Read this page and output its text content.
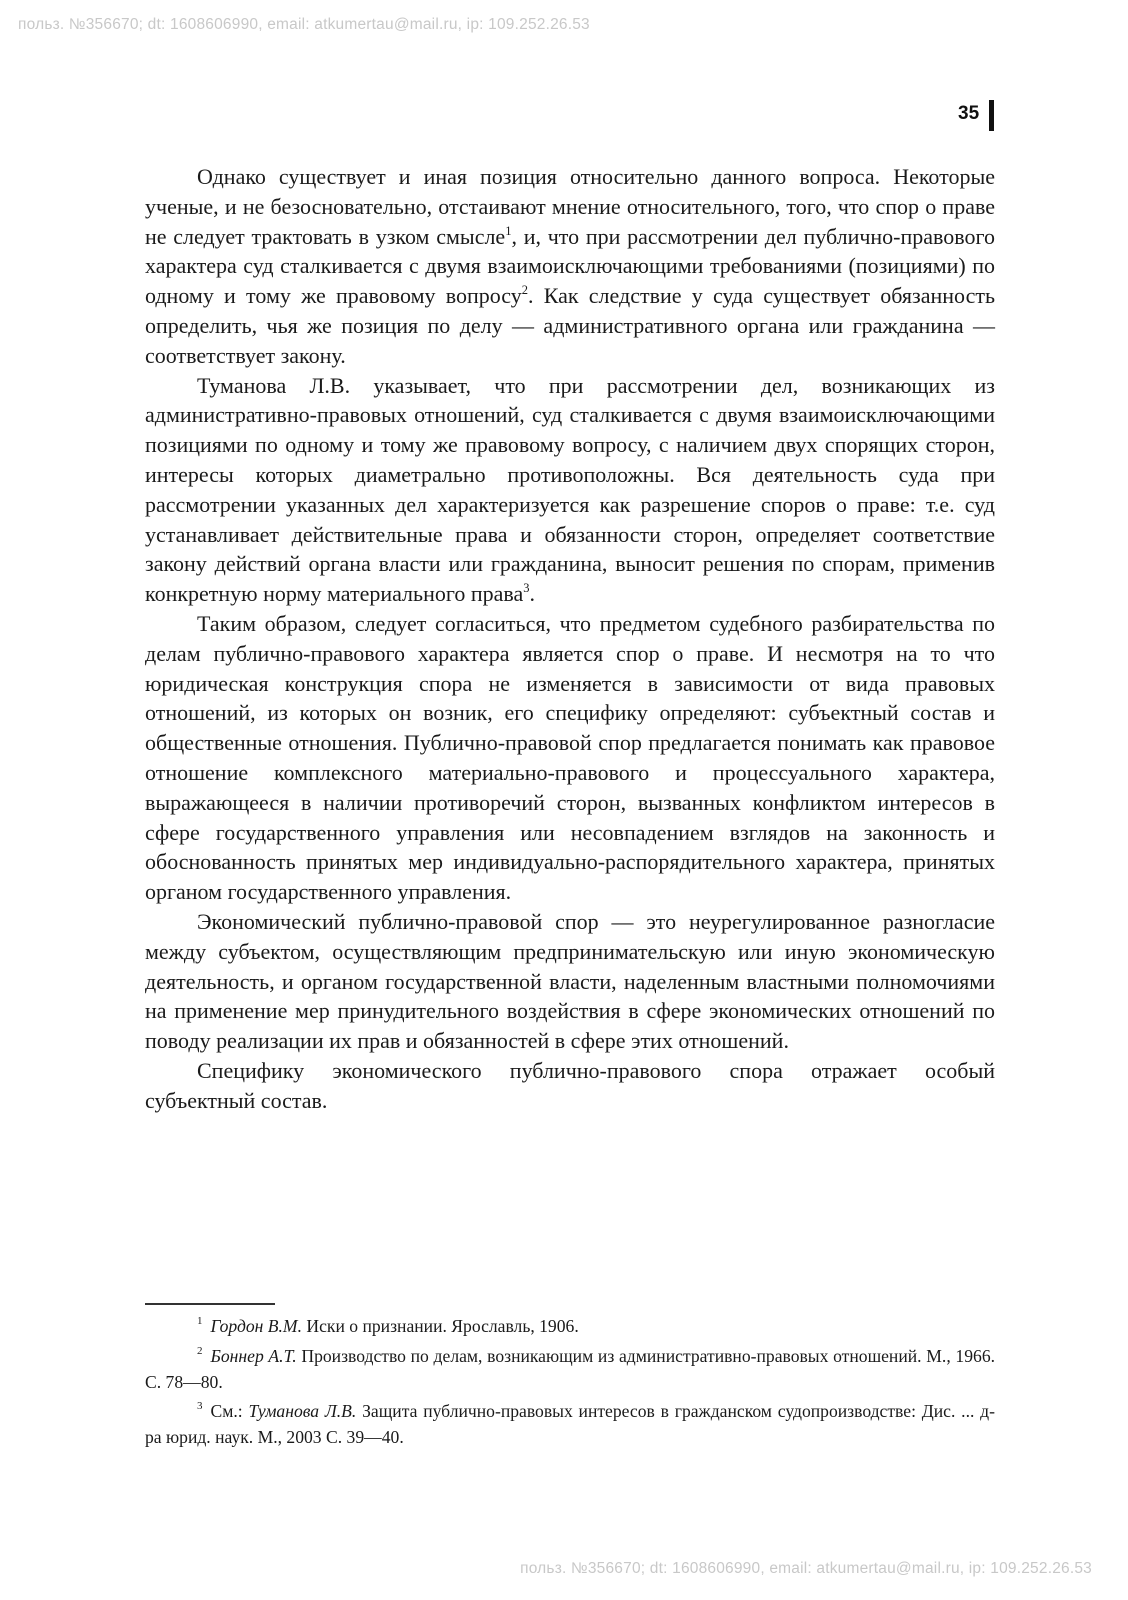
польз. №356670; dt: 1608606990, email: atkumertau@mail.ru, ip: 109.252.26.53
35

Однако существует и иная позиция относительно данного вопроса. Некоторые ученые, и не безосновательно, отстаивают мнение относительного, того, что спор о праве не следует трактовать в узком смысле$^1$, и, что при рассмотрении дел публично-правового характера суд сталкивается с двумя взаимоисключающими требованиями (позициями) по одному и тому же правовому вопросу$^2$. Как следствие у суда существует обязанность определить, чья же позиция по делу — административного органа или гражданина — соответствует закону.

Туманова Л.В. указывает, что при рассмотрении дел, возникающих из административно-правовых отношений, суд сталкивается с двумя взаимоисключающими позициями по одному и тому же правовому вопросу, с наличием двух спорящих сторон, интересы которых диаметрально противоположны. Вся деятельность суда при рассмотрении указанных дел характеризуется как разрешение споров о праве: т.е. суд устанавливает действительные права и обязанности сторон, определяет соответствие закону действий органа власти или гражданина, выносит решения по спорам, применив конкретную норму материального права$^3$.

Таким образом, следует согласиться, что предметом судебного разбирательства по делам публично-правового характера является спор о праве. И несмотря на то что юридическая конструкция спора не изменяется в зависимости от вида правовых отношений, из которых он возник, его специфику определяют: субъектный состав и общественные отношения. Публично-правовой спор предлагается понимать как правовое отношение комплексного материально-правового и процессуального характера, выражающееся в наличии противоречий сторон, вызванных конфликтом интересов в сфере государственного управления или несовпадением взглядов на законность и обоснованность принятых мер индивидуально-распорядительного характера, принятых органом государственного управления.

Экономический публично-правовой спор — это неурегулированное разногласие между субъектом, осуществляющим предпринимательскую или иную экономическую деятельность, и органом государственной власти, наделенным властными полномочиями на применение мер принудительного воздействия в сфере экономических отношений по поводу реализации их прав и обязанностей в сфере этих отношений.

Специфику экономического публично-правового спора отражает особый субъектный состав.

$^1$ Гордон В.М. Иски о признании. Ярославль, 1906.

$^2$ Боннер А.Т. Производство по делам, возникающим из административно-правовых отношений. М., 1966. С. 78—80.

$^3$ См.: Туманова Л.В. Защита публично-правовых интересов в гражданском судопроизводстве: Дис. ... д-ра юрид. наук. М., 2003 С. 39—40.

польз. №356670; dt: 1608606990, email: atkumertau@mail.ru, ip: 109.252.26.53
